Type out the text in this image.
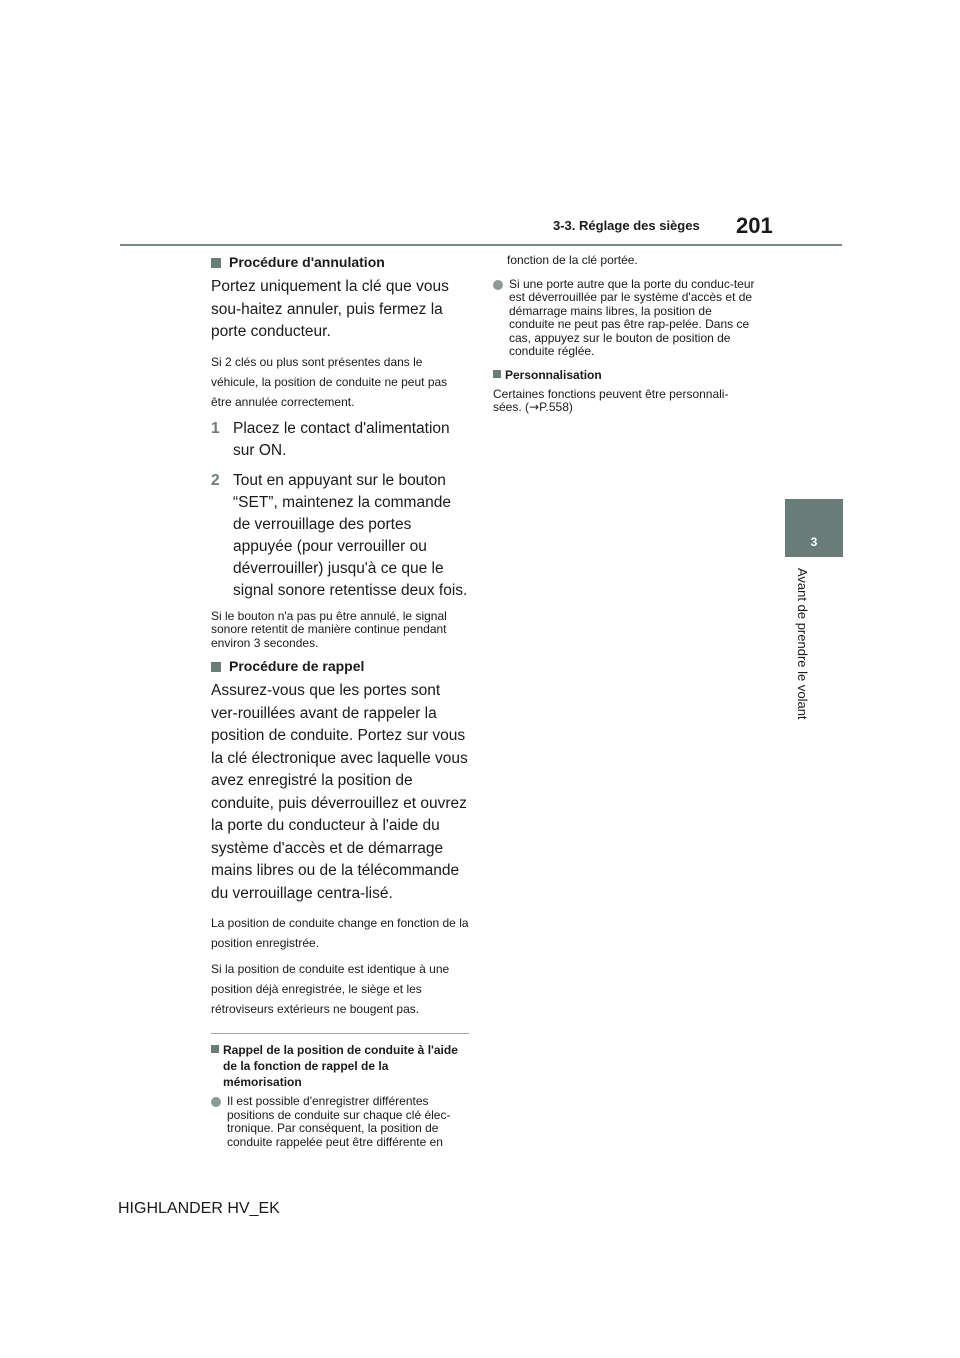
3-3. Réglage des sièges 201
3
Avant de prendre le volant
Procédure d'annulation

Portez uniquement la clé que vous sou-haitez annuler, puis fermez la porte conducteur.

Si 2 clés ou plus sont présentes dans le véhicule, la position de conduite ne peut pas être annulée correctement.

1 Placez le contact d'alimentation sur ON.
2 Tout en appuyant sur le bouton “SET”, maintenez la commande de verrouillage des portes appuyée (pour verrouiller ou déverrouiller) jusqu'à ce que le signal sonore retentisse deux fois.

Si le bouton n'a pas pu être annulé, le signal sonore retentit de manière continue pendant environ 3 secondes.

Procédure de rappel

Assurez-vous que les portes sont ver-rouillées avant de rappeler la position de conduite. Portez sur vous la clé électronique avec laquelle vous avez enregistré la position de conduite, puis déverrouillez et ouvrez la porte du conducteur à l'aide du système d'accès et de démarrage mains libres ou de la télécommande du verrouillage centra-lisé.

La position de conduite change en fonction de la position enregistrée.

Si la position de conduite est identique à une position déjà enregistrée, le siège et les rétroviseurs extérieurs ne bougent pas.

Rappel de la position de conduite à l'aide de la fonction de rappel de la mémorisation
Il est possible d'enregistrer différentes positions de conduite sur chaque clé élec-tronique. Par conséquent, la position de conduite rappelée peut être différente en

fonction de la clé portée.

Si une porte autre que la porte du conduc-teur est déverrouillée par le système d'accès et de démarrage mains libres, la position de conduite ne peut pas être rap-pelée. Dans ce cas, appuyez sur le bouton de position de conduite réglée.
Personnalisation

Certaines fonctions peuvent être personnali-sées. (→P.558)

HIGHLANDER HV_EK
